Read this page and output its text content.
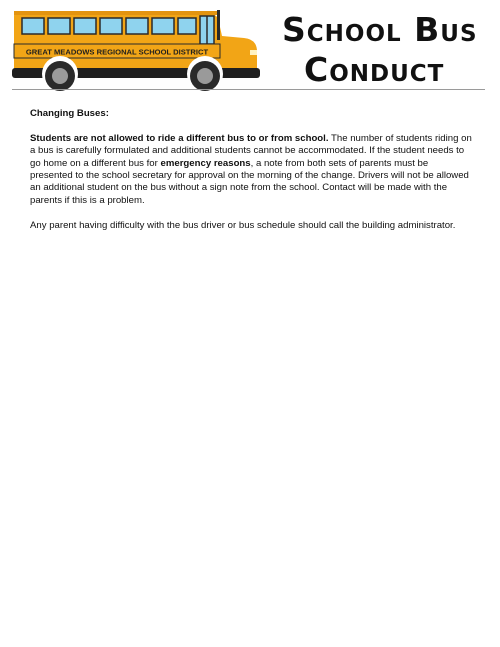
GREAT MEADOWS REGIONAL SCHOOL DISTRICT
School Bus
Conduct

Changing Buses:

Students are not allowed to ride a different bus to or from school. The number of students riding on a bus is carefully formulated and additional students cannot be accommodated. If the student needs to go home on a different bus for emergency reasons, a note from both sets of parents must be presented to the school secretary for approval on the morning of the change. Drivers will not be allowed an additional student on the bus without a sign note from the school. Contact will be made with the parents if this is a problem.

Any parent having difficulty with the bus driver or bus schedule should call the building administrator.
